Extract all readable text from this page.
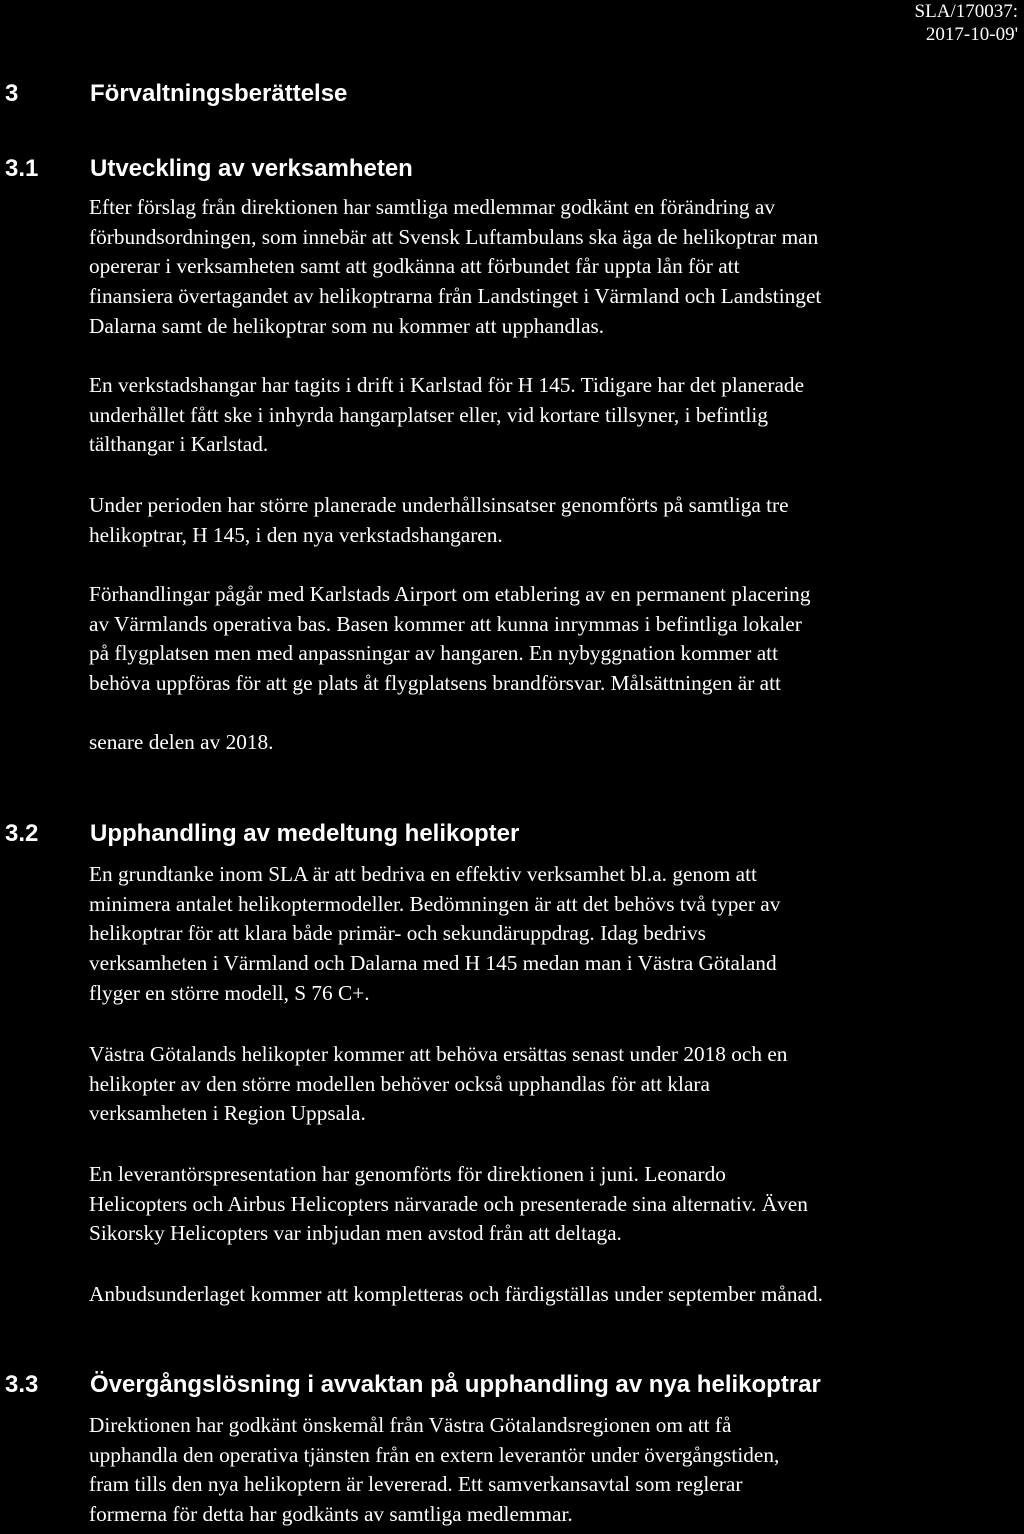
SLA/170037:
2017-10-09'
3	Förvaltningsberättelse
3.1 Utveckling av verksamheten

Efter förslag från direktionen har samtliga medlemmar godkänt en förändring av
förbundsordningen, som innebär att Svensk Luftambulans ska äga de helikoptrar man
opererar i verksamheten samt att godkänna att förbundet får uppta lån för att
finansiera övertagandet av helikoptrarna från Landstinget i Värmland och Landstinget
Dalarna samt de helikoptrar som nu kommer att upphandlas.

En verkstadshangar har tagits i drift i Karlstad för H 145. Tidigare har det planerade
underhållet fått ske i inhyrda hangarplatser eller, vid kortare tillsyner, i befintlig
tälthangar i Karlstad.

Under perioden har större planerade underhållsinsatser genomförts på samtliga tre
helikoptrar, H 145, i den nya verkstadshangaren.

Förhandlingar pågår med Karlstads Airport om etablering av en permanent placering
av Värmlands operativa bas. Basen kommer att kunna inrymmas i befintliga lokaler
på flygplatsen men med anpassningar av hangaren. En nybyggnation kommer att
behöva uppföras för att ge plats åt flygplatsens brandförsvar. Målsättningen är att

senare delen av 2018.

3.2 Upphandling av medeltung helikopter

En grundtanke inom SLA är att bedriva en effektiv verksamhet bl.a. genom att
minimera antalet helikoptermodeller. Bedömningen är att det behövs två typer av
helikoptrar för att klara både primär- och sekundäruppdrag. Idag bedrivs
verksamheten i Värmland och Dalarna med H 145 medan man i Västra Götaland
flyger en större modell, S 76 C+.

Västra Götalands helikopter kommer att behöva ersättas senast under 2018 och en
helikopter av den större modellen behöver också upphandlas för att klara
verksamheten i Region Uppsala.

En leverantörspresentation har genomförts för direktionen i juni. Leonardo
Helicopters och Airbus Helicopters närvarade och presenterade sina alternativ. Även
Sikorsky Helicopters var inbjudan men avstod från att deltaga.

Anbudsunderlaget kommer att kompletteras och färdigställas under september månad.

3.3 Övergångslösning i avvaktan på upphandling av nya helikoptrar

Direktionen har godkänt önskemål från Västra Götalandsregionen om att få
upphandla den operativa tjänsten från en extern leverantör under övergångstiden,
fram tills den nya helikoptern är levererad. Ett samverkansavtal som reglerar
formerna för detta har godkänts av samtliga medlemmar.
